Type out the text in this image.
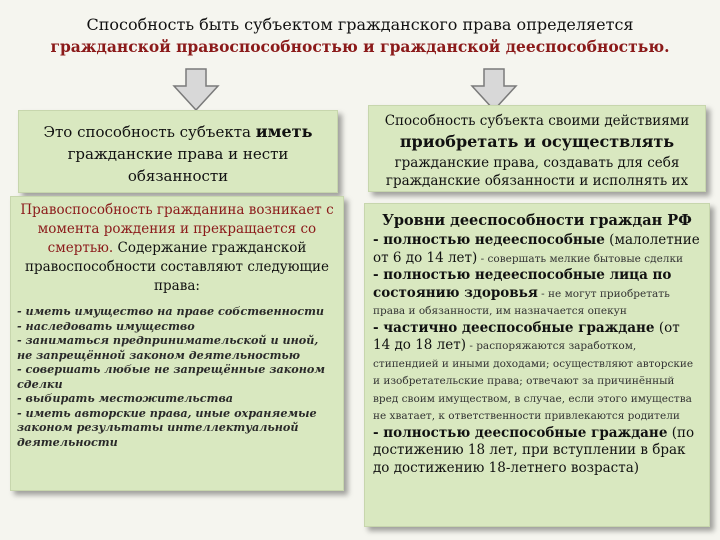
Способность быть субъектом гражданского права определяется
гражданской правоспособностью и гражданской дееспособностью.
Это способность субъекта иметь
гражданские права и нести обязанности
Способность субъекта своими действиями
приобретать и осуществлять
гражданские права, создавать для себя гражданские обязанности и исполнять их
Правоспособность гражданина возникает с момента рождения и прекращается со смертью. Содержание гражданской правоспособности составляют следующие права:
- иметь имущество на праве собственности
- наследовать имущество
- заниматься предпринимательской и иной, не запрещённой законом деятельностью
- совершать любые не запрещённые законом сделки
- выбирать местожительства
- иметь авторские права, иные охраняемые законом результаты интеллектуальной деятельности
Уровни дееспособности граждан РФ

- полностью недееспособные (малолетние от 6 до 14 лет) - совершать мелкие бытовые сделки

- полностью недееспособные лица по состоянию здоровья - не могут приобретать права и обязанности, им назначается опекун

- частично дееспособные граждане (от 14 до 18 лет) - распоряжаются заработком, стипендией и иными доходами; осуществляют авторские и изобретательские права; отвечают за причинённый вред своим имуществом, в случае, если этого имущества не хватает, к ответственности привлекаются родители

- полностью дееспособные граждане (по достижению 18 лет, при вступлении в брак до достижению 18-летнего возраста)
